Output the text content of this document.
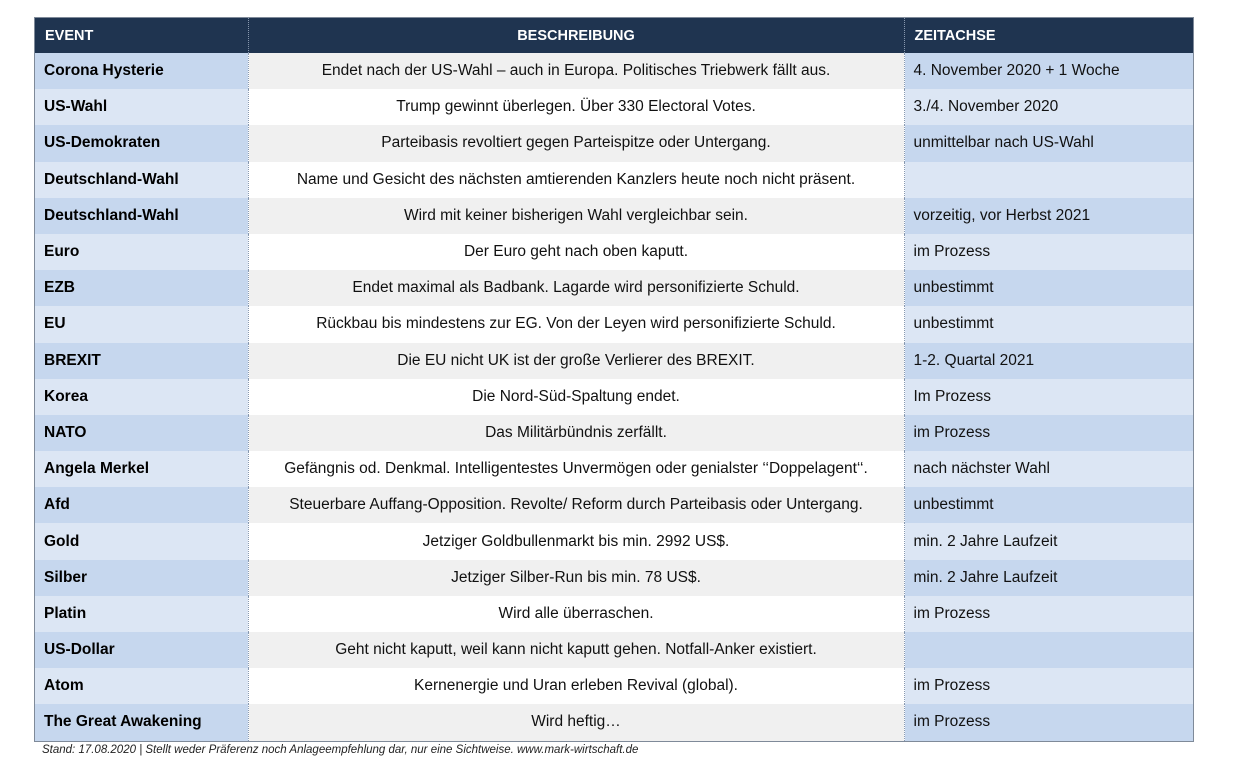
EVENT	BESCHREIBUNG	ZEITACHSE
Corona Hysterie	Endet nach der US-Wahl – auch in Europa. Politisches Triebwerk fällt aus.	4. November 2020 + 1 Woche
US-Wahl	Trump gewinnt überlegen. Über 330 Electoral Votes.	3./4. November 2020
US-Demokraten	Parteibasis revoltiert gegen Parteispitze oder Untergang.	unmittelbar nach US-Wahl
Deutschland-Wahl	Name und Gesicht des nächsten amtierenden Kanzlers heute noch nicht präsent.	
Deutschland-Wahl	Wird mit keiner bisherigen Wahl vergleichbar sein.	vorzeitig, vor Herbst 2021
Euro	Der Euro geht nach oben kaputt.	im Prozess
EZB	Endet maximal als Badbank. Lagarde wird personifizierte Schuld.	unbestimmt
EU	Rückbau bis mindestens zur EG. Von der Leyen wird personifizierte Schuld.	unbestimmt
BREXIT	Die EU nicht UK ist der große Verlierer des BREXIT.	1-2. Quartal 2021
Korea	Die Nord-Süd-Spaltung endet.	Im Prozess
NATO	Das Militärbündnis zerfällt.	im Prozess
Angela Merkel	Gefängnis od. Denkmal. Intelligentestes Unvermögen oder genialster ‘‘Doppelagent‘‘.	nach nächster Wahl
Afd	Steuerbare Auffang-Opposition. Revolte/ Reform durch Parteibasis oder Untergang.	unbestimmt
Gold	Jetziger Goldbullenmarkt bis min. 2992 US$.	min. 2 Jahre Laufzeit
Silber	Jetziger Silber-Run bis min. 78 US$.	min. 2 Jahre Laufzeit
Platin	Wird alle überraschen.	im Prozess
US-Dollar	Geht nicht kaputt, weil kann nicht kaputt gehen. Notfall-Anker existiert.	
Atom	Kernenergie und Uran erleben Revival (global).	im Prozess
The Great Awakening	Wird heftig…	im Prozess
Stand: 17.08.2020 | Stellt weder Präferenz noch Anlageempfehlung dar, nur eine Sichtweise. www.mark-wirtschaft.de
